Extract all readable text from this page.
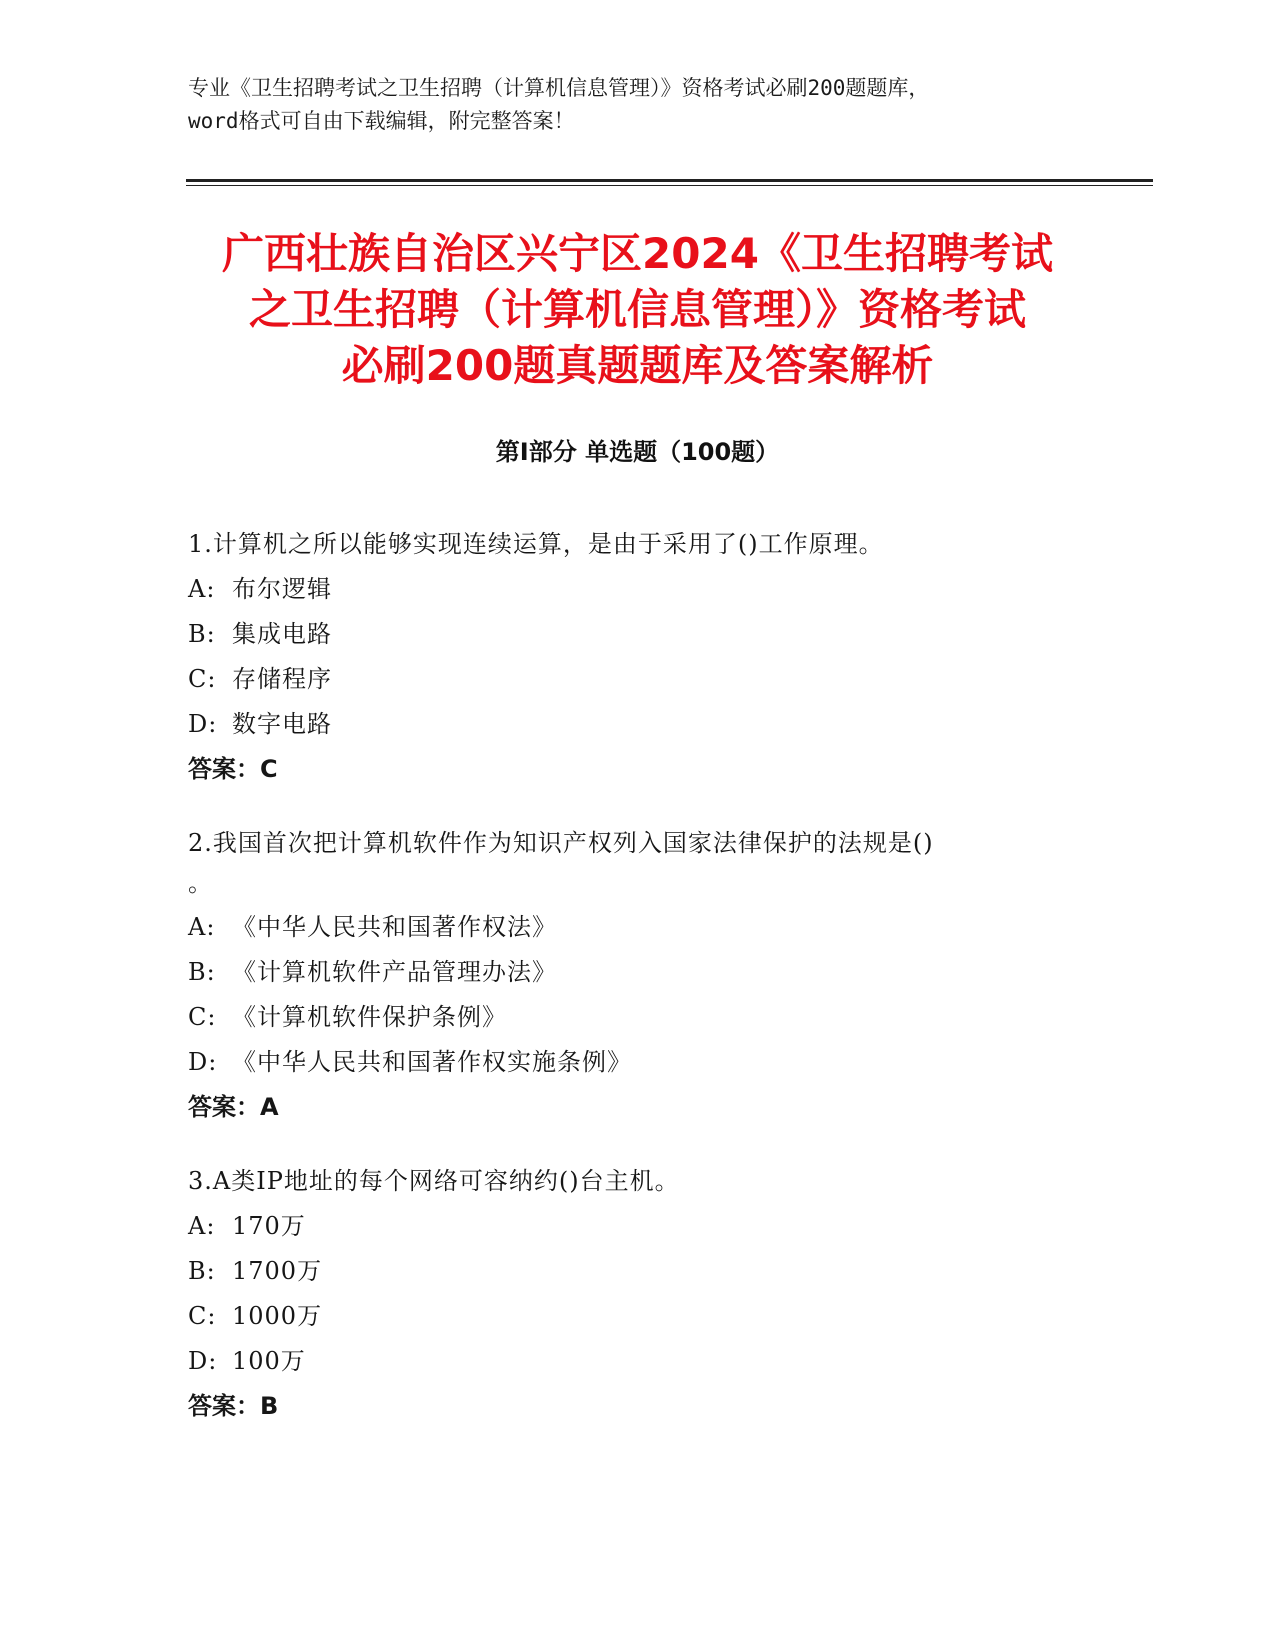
专业《卫生招聘考试之卫生招聘（计算机信息管理）》资格考试必刷200题题库，
word格式可自由下载编辑，附完整答案！
广西壮族自治区兴宁区2024《卫生招聘考试
之卫生招聘（计算机信息管理）》资格考试
必刷200题真题题库及答案解析
第Ⅰ部分 单选题（100题）
1.计算机之所以能够实现连续运算，是由于采用了()工作原理。
A: 布尔逻辑
B: 集成电路
C: 存储程序
D: 数字电路
答案：C
2.我国首次把计算机软件作为知识产权列入国家法律保护的法规是()
。
A: 《中华人民共和国著作权法》
B: 《计算机软件产品管理办法》
C: 《计算机软件保护条例》
D: 《中华人民共和国著作权实施条例》
答案：A
3.A类IP地址的每个网络可容纳约()台主机。
A: 170万
B: 1700万
C: 1000万
D: 100万
答案：B
